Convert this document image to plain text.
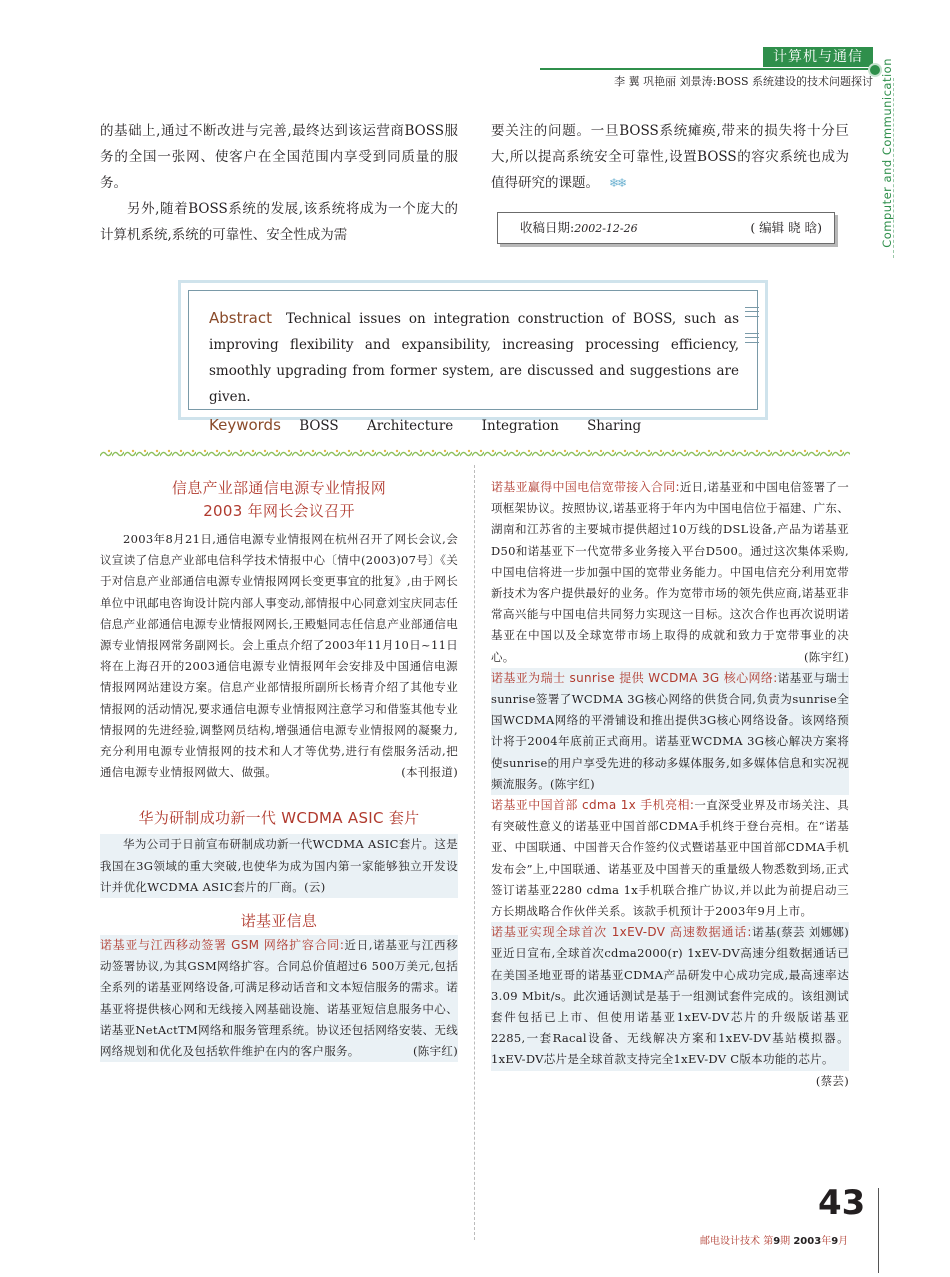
计算机与通信
李 翼 巩艳丽 刘景涛:BOSS 系统建设的技术问题探讨 Computer and Communication

的基础上,通过不断改进与完善,最终达到该运营商BOSS服务的全国一张网、使客户在全国范围内享受到同质量的服务。

另外,随着BOSS系统的发展,该系统将成为一个庞大的计算机系统,系统的可靠性、安全性成为需

要关注的问题。一旦BOSS系统瘫痪,带来的损失将十分巨大,所以提高系统安全可靠性,设置BOSS的容灾系统也成为值得研究的课题。 ❄❄

收稿日期:2002-12-26	( 编辑 晓 晗)
Abstract Technical issues on integration construction of BOSS, such as improving flexibility and expansibility, increasing processing efficiency, smoothly upgrading from former system, are discussed and suggestions are given.
Keywords BOSS Architecture Integration Sharing
信息产业部通信电源专业情报网
2003 年网长会议召开

2003年8月21日,通信电源专业情报网在杭州召开了网长会议,会议宣读了信息产业部电信科学技术情报中心〔情中(2003)07号〕《关于对信息产业部通信电源专业情报网网长变更事宜的批复》,由于网长单位中讯邮电咨询设计院内部人事变动,部情报中心同意刘宝庆同志任信息产业部通信电源专业情报网网长,王殿魁同志任信息产业部通信电源专业情报网常务副网长。会上重点介绍了2003年11月10日~11日将在上海召开的2003通信电源专业情报网年会安排及中国通信电源情报网网站建设方案。信息产业部情报所副所长杨青介绍了其他专业情报网的活动情况,要求通信电源专业情报网注意学习和借鉴其他专业情报网的先进经验,调整网员结构,增强通信电源专业情报网的凝聚力,充分利用电源专业情报网的技术和人才等优势,进行有偿服务活动,把通信电源专业情报网做大、做强。	(本刊报道)

华为研制成功新一代 WCDMA ASIC 套片

华为公司于日前宣布研制成功新一代WCDMA ASIC套片。这是我国在3G领域的重大突破,也使华为成为国内第一家能够独立开发设计并优化WCDMA ASIC套片的厂商。(云)

诺基亚信息

诺基亚与江西移动签署 GSM 网络扩容合同:近日,诺基亚与江西移动签署协议,为其GSM网络扩容。合同总价值超过6 500万美元,包括全系列的诺基亚网络设备,可满足移动话音和文本短信服务的需求。诺基亚将提供核心网和无线接入网基础设施、诺基亚短信息服务中心、诺基亚NetActTM网络和服务管理系统。协议还包括网络安装、无线网络规划和优化及包括软件维护在内的客户服务。	(陈宇红)

诺基亚赢得中国电信宽带接入合同:近日,诺基亚和中国电信签署了一项框架协议。按照协议,诺基亚将于年内为中国电信位于福建、广东、湖南和江苏省的主要城市提供超过10万线的DSL设备,产品为诺基亚D50和诺基亚下一代宽带多业务接入平台D500。通过这次集体采购,中国电信将进一步加强中国的宽带业务能力。中国电信充分利用宽带新技术为客户提供最好的业务。作为宽带市场的领先供应商,诺基亚非常高兴能与中国电信共同努力实现这一目标。这次合作也再次说明诺基亚在中国以及全球宽带市场上取得的成就和致力于宽带事业的决心。	(陈宇红)

诺基亚为瑞士 sunrise 提供 WCDMA 3G 核心网络:诺基亚与瑞士sunrise签署了WCDMA 3G核心网络的供货合同,负责为sunrise全国WCDMA网络的平滑铺设和推出提供3G核心网络设备。该网络预计将于2004年底前正式商用。诺基亚WCDMA 3G核心解决方案将使sunrise的用户享受先进的移动多媒体服务,如多媒体信息和实况视频流服务。(陈宇红)

诺基亚中国首部 cdma 1x 手机亮相:一直深受业界及市场关注、具有突破性意义的诺基亚中国首部CDMA手机终于登台亮相。在“诺基亚、中国联通、中国普天合作签约仪式暨诺基亚中国首部CDMA手机发布会”上,中国联通、诺基亚及中国普天的重量级人物悉数到场,正式签订诺基亚2280 cdma 1x手机联合推广协议,并以此为前提启动三方长期战略合作伙伴关系。该款手机预计于2003年9月上市。
(蔡芸 刘娜娜)

诺基亚实现全球首次 1xEV-DV 高速数据通话:诺基亚近日宣布,全球首次cdma2000(r) 1xEV-DV高速分组数据通话已在美国圣地亚哥的诺基亚CDMA产品研发中心成功完成,最高速率达3.09 Mbit/s。此次通话测试是基于一组测试套件完成的。该组测试套件包括已上市、但使用诺基亚1xEV-DV芯片的升级版诺基亚2285,一套Racal设备、无线解决方案和1xEV-DV基站模拟器。1xEV-DV芯片是全球首款支持完全1xEV-DV C版本功能的芯片。
(蔡芸)

43
邮电设计技术 第9期 2003年9月
